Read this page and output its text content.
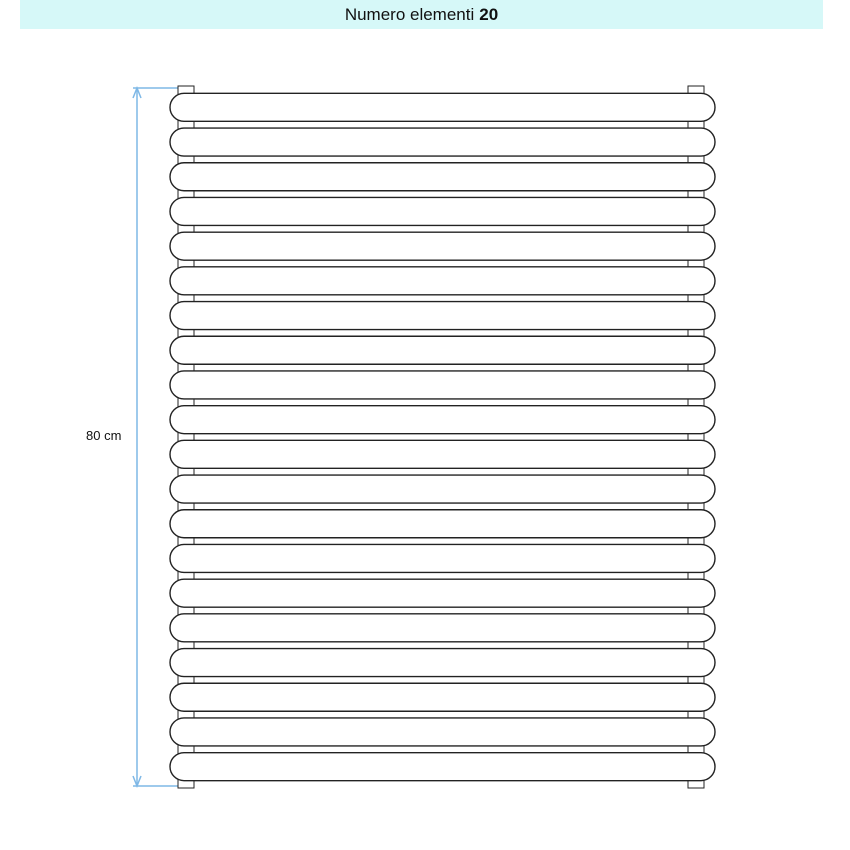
Numero elementi 20
80 cm
